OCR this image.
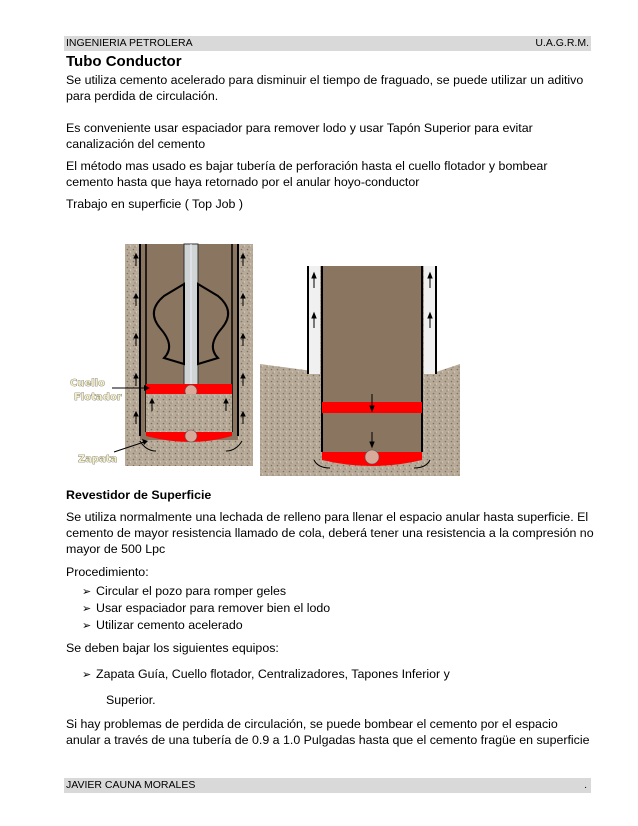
INGENIERIA PETROLERA	U.A.G.R.M.
Tubo Conductor

Se utiliza cemento acelerado para disminuir el tiempo de fraguado, se puede utilizar un aditivo para perdida de circulación.

Es conveniente usar espaciador para remover lodo y usar Tapón Superior para evitar canalización del cemento

El método mas usado es bajar tubería de perforación hasta el cuello flotador y bombear cemento hasta que haya retornado por el anular hoyo-conductor

Trabajo en superficie ( Top Job )

Cuello
Flotador
Zapata
Revestidor de Superficie

Se utiliza normalmente una lechada de relleno para llenar el espacio anular hasta superficie. El cemento de mayor resistencia llamado de cola, deberá tener una resistencia a la compresión no mayor de 500 Lpc

Procedimiento:

➢ Circular el pozo para romper geles
➢ Usar espaciador para remover bien el lodo
➢ Utilizar cemento acelerado

Se deben bajar los siguientes equipos:

➢ Zapata Guía, Cuello flotador, Centralizadores, Tapones Inferior y
Superior.

Si hay problemas de perdida de circulación, se puede bombear el cemento por el espacio anular a través de una tubería de 0.9 a 1.0 Pulgadas hasta que el cemento fragüe en superficie

JAVIER CAUNA MORALES	.
